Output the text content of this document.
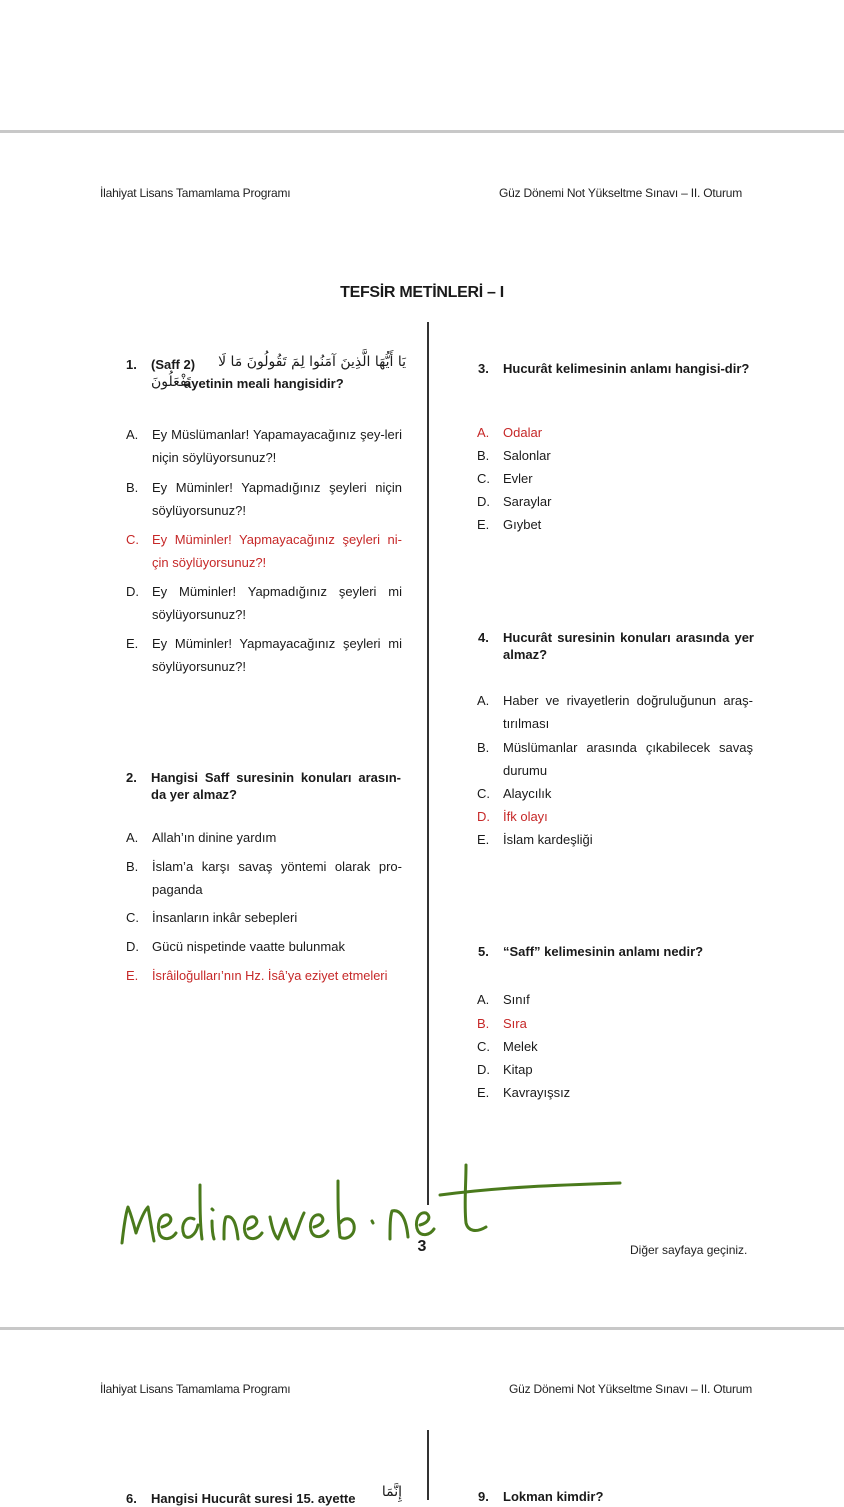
İlahiyat Lisans Tamamlama Programı	Güz Dönemi Not Yükseltme Sınavı – II. Oturum
TEFSİR METİNLERİ – I
1. (Saff 2) يَا أَيُّهَا الَّذِينَ آمَنُوا لِمَ تَقُولُونَ مَا لَا
تَفْعَلُونَ
ayetinin meali hangisidir?
A. Ey Müslümanlar! Yapamayacağınız şey-leri niçin söylüyorsunuz?!
B. Ey Müminler! Yapmadığınız şeyleri niçin söylüyorsunuz?!
C. Ey Müminler! Yapmayacağınız şeyleri ni-çin söylüyorsunuz?!
D. Ey Müminler! Yapmadığınız şeyleri mi söylüyorsunuz?!
E. Ey Müminler! Yapmayacağınız şeyleri mi söylüyorsunuz?!
2. Hangisi Saff suresinin konuları arasın-da yer almaz?
A. Allah’ın dinine yardım
B. İslam’a karşı savaş yöntemi olarak pro-paganda
C. İnsanların inkâr sebepleri
D. Gücü nispetinde vaatte bulunmak
E. İsrâiloğulları’nın Hz. İsâ’ya eziyet etmeleri
3. Hucurât kelimesinin anlamı hangisi-dir?
A. Odalar
B. Salonlar
C. Evler
D. Saraylar
E. Gıybet
4. Hucurât suresinin konuları arasında yer almaz?
A. Haber ve rivayetlerin doğruluğunun araş-tırılması
B. Müslümanlar arasında çıkabilecek savaş durumu
C. Alaycılık
D. İfk olayı
E. İslam kardeşliği
5. “Saff” kelimesinin anlamı nedir?
A. Sınıf
B. Sıra
C. Melek
D. Kitap
E. Kavrayışsız
3	Diğer sayfaya geçiniz.
İlahiyat Lisans Tamamlama Programı	Güz Dönemi Not Yükseltme Sınavı – II. Oturum
6. Hangisi Hucurât suresi 15. ayette إِنَّمَا	9. Lokman kimdir?
